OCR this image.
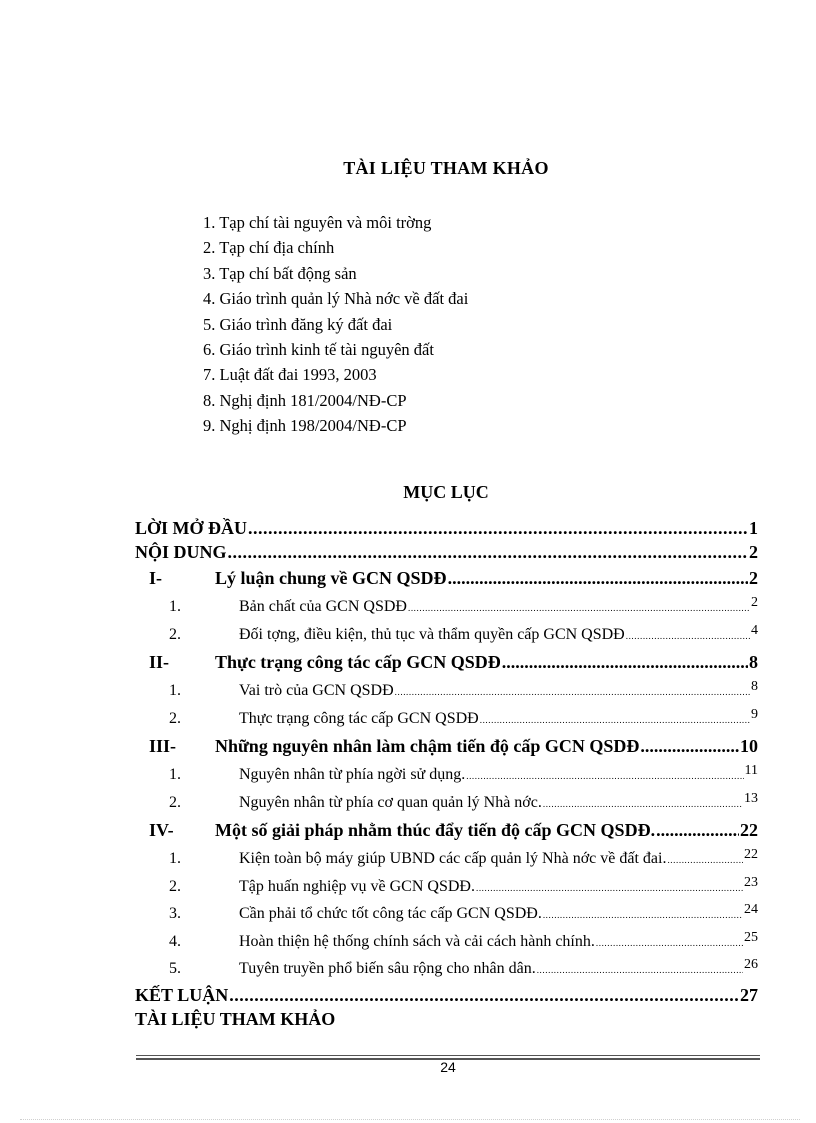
TÀI LIỆU THAM KHẢO
1. Tạp chí tài nguyên và môi trờng
2. Tạp chí địa chính
3. Tạp chí bất động sản
4. Giáo trình quản lý Nhà nớc về đất đai
5. Giáo trình đăng ký đất đai
6. Giáo trình kinh tế tài nguyên đất
7. Luật đất đai 1993, 2003
8. Nghị định 181/2004/NĐ-CP
9. Nghị định 198/2004/NĐ-CP
MỤC LỤC
LỜI MỞ ĐẦU .....	1
NỘI DUNG .....	2
I-	Lý luận chung về GCN QSDĐ .....	2
1.	Bản chất của GCN QSDĐ .....	2
2.	Đối tợng, điều kiện, thủ tục và thẩm quyền cấp GCN QSDĐ .....	4
II-	Thực trạng công tác cấp GCN QSDĐ .....	8
1.	Vai trò của GCN QSDĐ .....	8
2.	Thực trạng công tác cấp GCN QSDĐ .....	9
III-	Những nguyên nhân làm chậm tiến độ cấp GCN QSDĐ .....	10
1.	Nguyên nhân từ phía ngời sử dụng. .....	11
2.	Nguyên nhân từ phía cơ quan quản lý Nhà nớc. .....	13
IV-	Một số giải pháp nhằm thúc đẩy tiến độ cấp GCN QSDĐ. .....	22
1.	Kiện toàn bộ máy giúp UBND các cấp quản lý Nhà nớc về đất đai. .....	22
2.	Tập huấn nghiệp vụ về GCN QSDĐ. .....	23
3.	Cần phải tổ chức tốt công tác cấp GCN QSDĐ. .....	24
4.	Hoàn thiện hệ thống chính sách và cải cách hành chính. .....	25
5.	Tuyên truyền phổ biến sâu rộng cho nhân dân. .....	26
KẾT LUẬN .....	27
TÀI LIỆU THAM KHẢO
24
